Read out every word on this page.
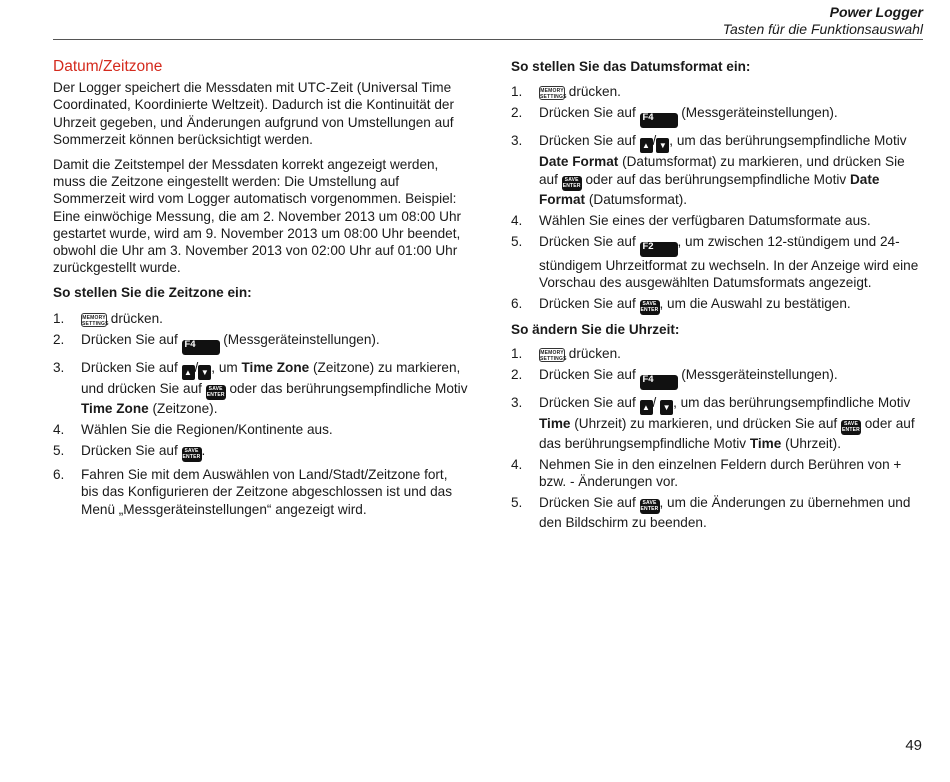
Power Logger
Tasten für die Funktionsauswahl
Datum/Zeitzone

Der Logger speichert die Messdaten mit UTC-Zeit (Universal Time Coordinated, Koordinierte Weltzeit). Dadurch ist die Kontinuität der Uhrzeit gegeben, und Änderungen aufgrund von Umstellungen auf Sommerzeit können berücksichtigt werden.

Damit die Zeitstempel der Messdaten korrekt angezeigt werden, muss die Zeitzone eingestellt werden: Die Umstellung auf Sommerzeit wird vom Logger automatisch vorgenommen. Beispiel: Eine einwöchige Messung, die am 2. November 2013 um 08:00 Uhr gestartet wurde, wird am 9. November 2013 um 08:00 Uhr beendet, obwohl die Uhr am 3. November 2013 von 02:00 Uhr auf 01:00 Uhr zurückgestellt wurde.

So stellen Sie die Zeitzone ein:
1.	MEMORY
SETTINGS drücken.
2. Drücken Sie auf F4 (Messgeräteinstellungen).
3. Drücken Sie auf ▲ / ▼ , um Time Zone (Zeitzone) zu markieren, und drücken Sie auf SAVE
ENTER oder das berührungsempfindliche Motiv Time Zone (Zeitzone).
4. Wählen Sie die Regionen/Kontinente aus.
5. Drücken Sie auf SAVE
ENTER.
6. Fahren Sie mit dem Auswählen von Land/Stadt/Zeitzone fort, bis das Konfigurieren der Zeitzone abgeschlossen ist und das Menü „Messgeräteinstellungen“ angezeigt wird.
So stellen Sie das Datumsformat ein:
1.	MEMORY
SETTINGS drücken.
2. Drücken Sie auf F4 (Messgeräteinstellungen).
3. Drücken Sie auf ▲ / ▼ , um das berührungsempfindliche Motiv Date Format (Datumsformat) zu markieren, und drücken Sie auf SAVE
ENTER oder auf das berührungsempfindliche Motiv Date Format (Datumsformat).
4. Wählen Sie eines der verfügbaren Datumsformate aus.
5. Drücken Sie auf F2 , um zwischen 12-stündigem und 24-stündigem Uhrzeitformat zu wechseln. In der Anzeige wird eine Vorschau des ausgewählten Datumsformats angezeigt.
6. Drücken Sie auf SAVE
ENTER, um die Auswahl zu bestätigen.
So ändern Sie die Uhrzeit:
1.	MEMORY
SETTINGS drücken.
2. Drücken Sie auf F4 (Messgeräteinstellungen).
3. Drücken Sie auf ▲ / ▼ , um das berührungsempfindliche Motiv Time (Uhrzeit) zu markieren, und drücken Sie auf SAVE
ENTER oder auf das berührungsempfindliche Motiv Time (Uhrzeit).
4. Nehmen Sie in den einzelnen Feldern durch Berühren von + bzw. - Änderungen vor.
5. Drücken Sie auf SAVE
ENTER, um die Änderungen zu übernehmen und den Bildschirm zu beenden.
49
